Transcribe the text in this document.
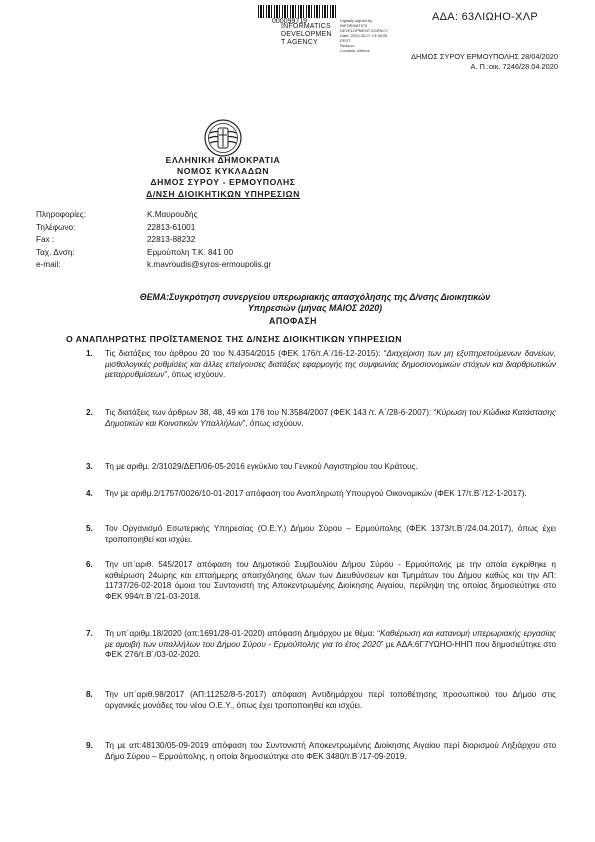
000099719
INFORMATICS
DEVELOPMEN
T AGENCY
Digitally signed by
INFORMATICS
DEVELOPMENT AGENCY
Date: 2020.05.07 13:38:05
EEST
Reason:
Location: Athens
ΑΔΑ: 63ΛΙΩΗΟ-ΧΛΡ
ΔΗΜΟΣ ΣΥΡΟΥ ΕΡΜΟΥΠΟΛΗΣ 28/04/2020
Α. Π.:οικ. 7246/28.04.2020
ΕΛΛΗΝΙΚΗ ΔΗΜΟΚΡΑΤΙΑ
ΝΟΜΟΣ ΚΥΚΛΑΔΩΝ
ΔΗΜΟΣ ΣΥΡΟΥ - ΕΡΜΟΥΠΟΛΗΣ
Δ/ΝΣΗ ΔΙΟΙΚΗΤΙΚΩΝ ΥΠΗΡΕΣΙΩΝ
Πληροφορίες:	Κ.Μαυρουδής
Τηλέφωνο:	22813-61001
Fax :	22813-88232
Ταχ. Δνση:	Ερμούπολη Τ.Κ. 841 00
e-mail:	k.mavroudis@syros-ermoupolis.gr
ΘΕΜΑ:Συγκρότηση συνεργείου υπερωριακής απασχόλησης της Δ/νσης Διοικητικών
Υπηρεσιών (μήνας ΜΑΙΟΣ 2020)
ΑΠΟΦΑΣΗ
Ο ΑΝΑΠΛΗΡΩΤΗΣ ΠΡΟΪΣΤΑΜΕΝΟΣ ΤΗΣ Δ/ΝΣΗΣ ΔΙΟΙΚΗΤΙΚΩΝ ΥΠΗΡΕΣΙΩΝ
1. Τις διατάξεις του άρθρου 20 του Ν.4354/2015 (ΦΕΚ 176/τ.Α΄/16-12-2015): “Διαχείριση των μη εξυπηρετούμενων δανείων, μισθολογικές ρυθμίσεις και άλλες επείγουσες διατάξεις εφαρμογής της συμφωνίας δημοσιονομικών στόχων και διαρθρωτικών μεταρρυθμίσεων”, όπως ισχύουν.
2. Τις διατάξεις των άρθρων 38, 48, 49 και 176 του Ν.3584/2007 (ΦΕΚ 143 /τ. Α΄/28-6-2007): “Κύρωση του Κώδικα Κατάστασης Δημοτικών και Κοινοτικών Υπαλλήλων”, όπως ισχύουν.
3. Τη με αριθμ. 2/31029/ΔΕΠ/06-05-2016 εγκύκλιο του Γενικού Λογιστηρίου του Κράτους.
4. Την με αριθμ.2/1757/0026/10-01-2017 απόφαση του Αναπληρωτή Υπουργού Οικονομικών (ΦΕΚ 17/τ.Β΄/12-1-2017).
5. Τον Οργανισμό Εσωτερικής Υπηρεσίας (Ο.Ε.Υ.) Δήμου Σύρου – Ερμούπολης (ΦΕΚ 1373/τ.Β΄/24.04.2017), όπως έχει τροποποιηθεί και ισχύει.
6. Την υπ΄αριθ. 545/2017 απόφαση του Δημοτικού Συμβουλίου Δήμου Σύρου - Ερμούπολης με την οποία εγκρίθηκε η καθιέρωση 24ωρης και επταήμερης απασχόλησης όλων των Διευθύνσεων και Τμημάτων του Δήμου καθώς και την ΑΠ: 11737/26-02-2018 όμοια του Συντονιστή της Αποκεντρωμένης Διοίκησης Αιγαίου, περίληψη της οποίας δημοσιεύτηκε στο ΦΕΚ 994/τ.Β΄/21-03-2018.
7. Τη υπ΄αριθμ.18/2020 (απ:1691/28-01-2020) απόφαση Δημάρχου με θέμα: “Καθιέρωση και κατανομή υπερωριακής εργασίας με αμοιβή των υπαλλήλων του Δήμου Σύρου - Ερμούπολης για το έτος 2020” με ΑΔΑ:6Γ7ΥΩΗΟ-ΗΗΠ που δημοσιεύτηκε στο ΦΕΚ 276/τ.Β΄/03-02-2020.
8. Την υπ΄αριθ.98/2017 (ΑΠ:11252/8-5-2017) απόφαση Αντιδημάρχου περί τοποθέτησης προσωπικού του Δήμου στις οργανικές μονάδες του νέου Ο.Ε.Υ., όπως έχει τροποποιηθεί και ισχύει.
9. Τη με απ:48130/05-09-2019 απόφαση του Συντονιστή Αποκεντρωμένης Διοίκησης Αιγαίου περί διορισμού Ληξιάρχου στο Δήμο Σύρου – Ερμούπολης, η οποία δημοσιεύτηκε στο ΦΕΚ 3480/τ.Β΄/17-09-2019.
